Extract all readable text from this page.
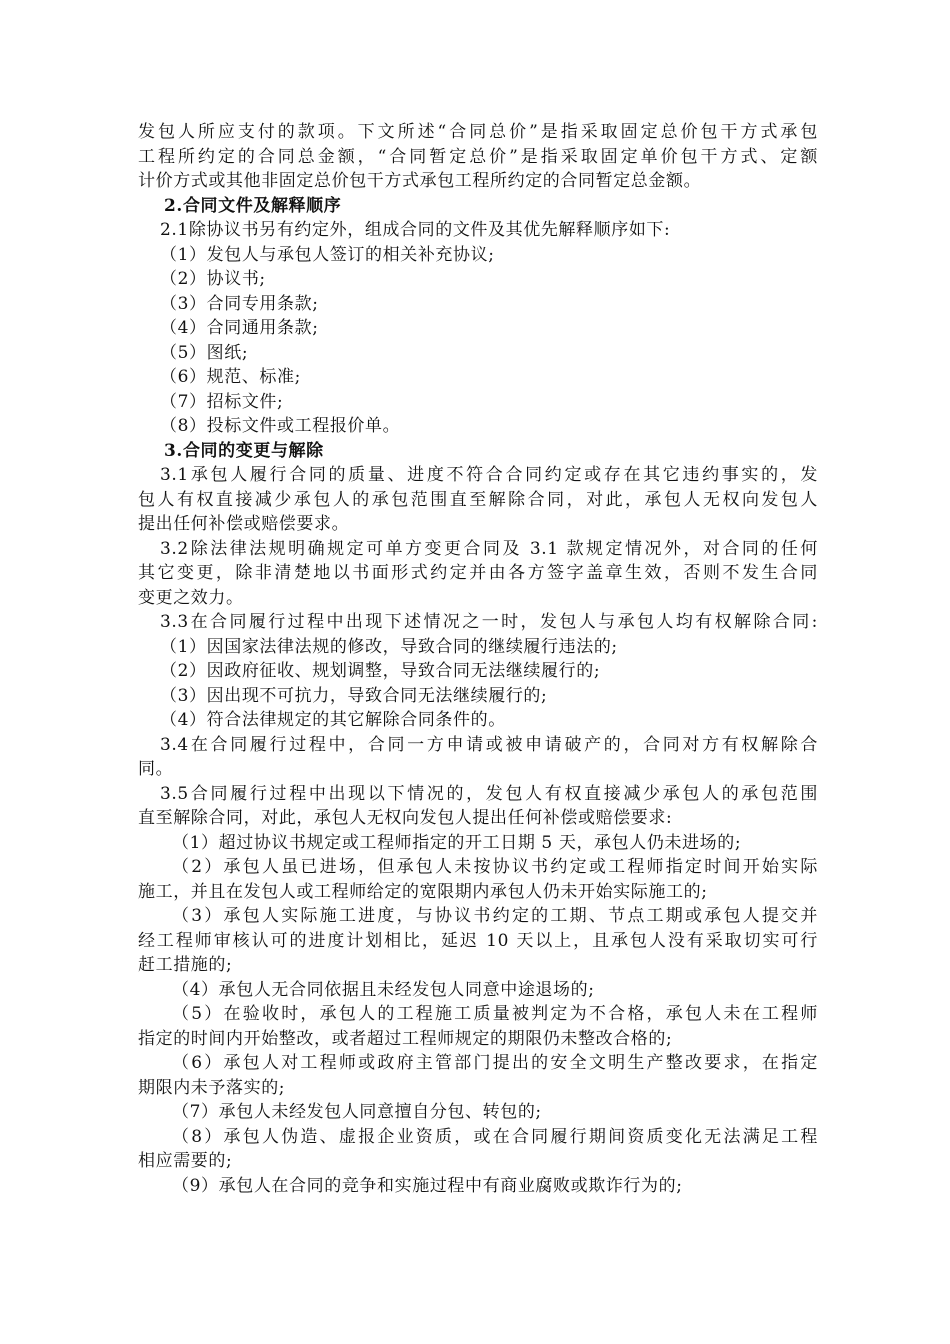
发包人所应支付的款项。下文所述“合同总价”是指采取固定总价包干方式承包
工程所约定的合同总金额，“合同暂定总价”是指采取固定单价包干方式、定额
计价方式或其他非固定总价包干方式承包工程所约定的合同暂定总金额。
2.合同文件及解释顺序
2.1除协议书另有约定外，组成合同的文件及其优先解释顺序如下:
（1）发包人与承包人签订的相关补充协议;
（2）协议书;
（3）合同专用条款;
（4）合同通用条款;
（5）图纸;
（6）规范、标准;
（7）招标文件;
（8）投标文件或工程报价单。
3.合同的变更与解除
3.1承包人履行合同的质量、进度不符合合同约定或存在其它违约事实的，发
包人有权直接减少承包人的承包范围直至解除合同，对此，承包人无权向发包人
提出任何补偿或赔偿要求。
3.2除法律法规明确规定可单方变更合同及 3.1 款规定情况外，对合同的任何
其它变更，除非清楚地以书面形式约定并由各方签字盖章生效，否则不发生合同
变更之效力。
3.3在合同履行过程中出现下述情况之一时，发包人与承包人均有权解除合同:
（1）因国家法律法规的修改，导致合同的继续履行违法的;
（2）因政府征收、规划调整，导致合同无法继续履行的;
（3）因出现不可抗力，导致合同无法继续履行的;
（4）符合法律规定的其它解除合同条件的。
3.4在合同履行过程中，合同一方申请或被申请破产的，合同对方有权解除合
同。
3.5合同履行过程中出现以下情况的，发包人有权直接减少承包人的承包范围
直至解除合同，对此，承包人无权向发包人提出任何补偿或赔偿要求:
（1）超过协议书规定或工程师指定的开工日期 5 天，承包人仍未进场的;
（2）承包人虽已进场，但承包人未按协议书约定或工程师指定时间开始实际
施工，并且在发包人或工程师给定的宽限期内承包人仍未开始实际施工的;
（3）承包人实际施工进度，与协议书约定的工期、节点工期或承包人提交并
经工程师审核认可的进度计划相比，延迟 10 天以上，且承包人没有采取切实可行
赶工措施的;
（4）承包人无合同依据且未经发包人同意中途退场的;
（5）在验收时，承包人的工程施工质量被判定为不合格，承包人未在工程师
指定的时间内开始整改，或者超过工程师规定的期限仍未整改合格的;
（6）承包人对工程师或政府主管部门提出的安全文明生产整改要求，在指定
期限内未予落实的;
（7）承包人未经发包人同意擅自分包、转包的;
（8）承包人伪造、虚报企业资质，或在合同履行期间资质变化无法满足工程
相应需要的;
（9）承包人在合同的竞争和实施过程中有商业腐败或欺诈行为的;
